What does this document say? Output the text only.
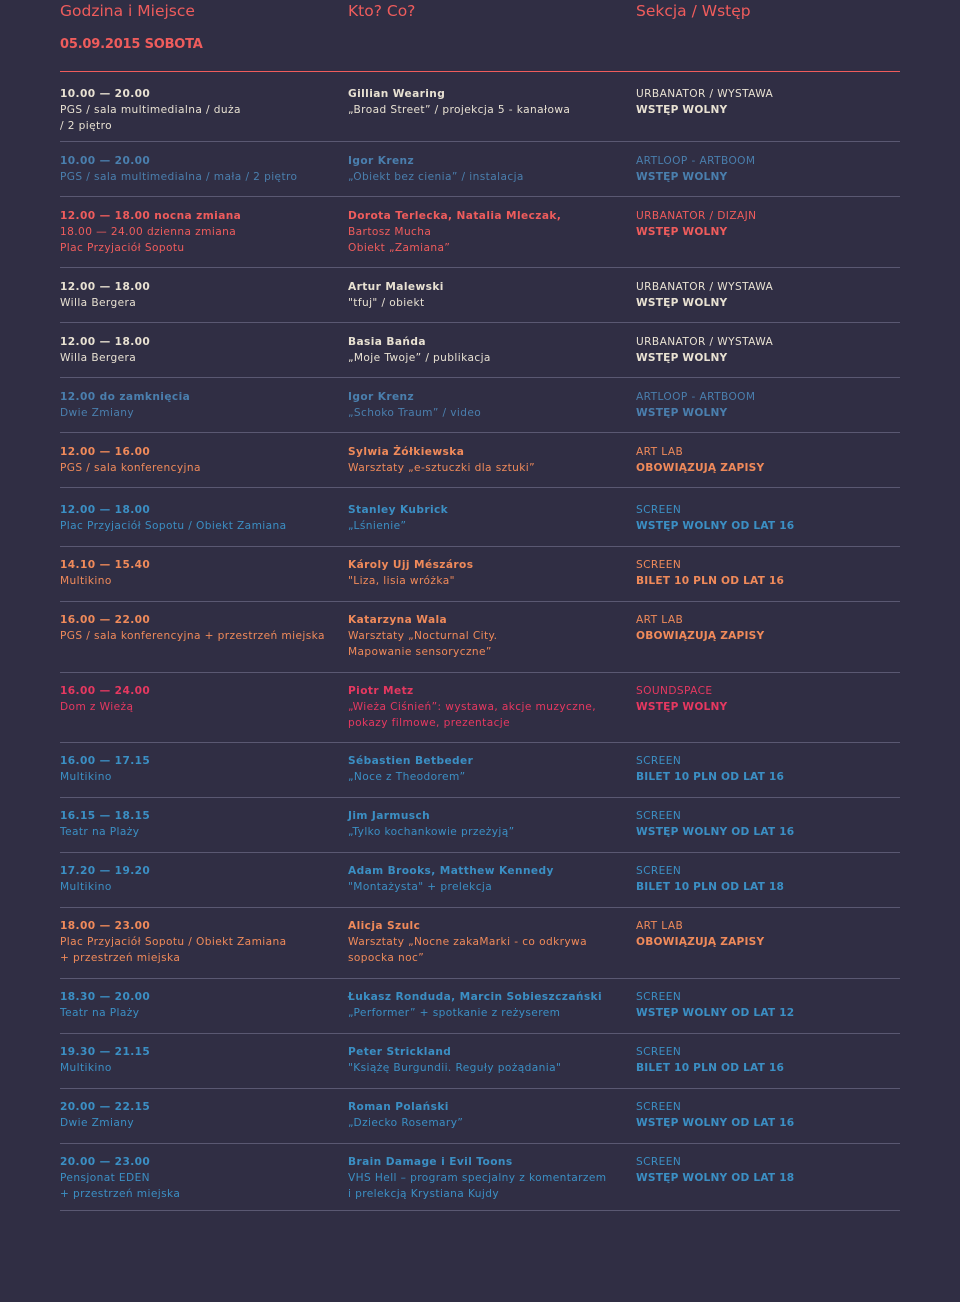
Godzina i Miejsce	Kto? Co?	Sekcja / Wstęp
05.09.2015 SOBOTA
10.00 — 20.00
PGS / sala multimedialna / duża
/ 2 piętro
Gillian Wearing
„Broad Street” / projekcja 5 - kanałowa
URBANATOR / WYSTAWA
WSTĘP WOLNY
10.00 — 20.00
PGS / sala multimedialna / mała / 2 piętro
Igor Krenz
„Obiekt bez cienia” / instalacja
ARTLOOP - ARTBOOM
WSTĘP WOLNY
12.00 — 18.00 nocna zmiana
18.00 — 24.00 dzienna zmiana
Plac Przyjaciół Sopotu
Dorota Terlecka, Natalia Mleczak,
Bartosz Mucha
Obiekt „Zamiana”
URBANATOR / DIZAJN
WSTĘP WOLNY
12.00 — 18.00
Willa Bergera
Artur Malewski
"tfuj" / obiekt
URBANATOR / WYSTAWA
WSTĘP WOLNY
12.00 — 18.00
Willa Bergera
Basia Bańda
„Moje Twoje” / publikacja
URBANATOR / WYSTAWA
WSTĘP WOLNY
12.00 do zamknięcia
Dwie Zmiany
Igor Krenz
„Schoko Traum” / video
ARTLOOP - ARTBOOM
WSTĘP WOLNY
12.00 — 16.00
PGS / sala konferencyjna
Sylwia Żółkiewska
Warsztaty „e-sztuczki dla sztuki”
ART LAB
OBOWIĄZUJĄ ZAPISY
12.00 — 18.00
Plac Przyjaciół Sopotu / Obiekt Zamiana
Stanley Kubrick
„Lśnienie”
SCREEN
WSTĘP WOLNY OD LAT 16
14.10 — 15.40
Multikino
Károly Ujj Mészáros
"Liza, lisia wróżka"
SCREEN
BILET 10 PLN OD LAT 16
16.00 — 22.00
PGS / sala konferencyjna + przestrzeń miejska
Katarzyna Wala
Warsztaty „Nocturnal City.
Mapowanie sensoryczne”
ART LAB
OBOWIĄZUJĄ ZAPISY
16.00 — 24.00
Dom z Wieżą
Piotr Metz
„Wieża Ciśnień”: wystawa, akcje muzyczne,
pokazy filmowe, prezentacje
SOUNDSPACE
WSTĘP WOLNY
16.00 — 17.15
Multikino
Sébastien Betbeder
„Noce z Theodorem”
SCREEN
BILET 10 PLN OD LAT 16
16.15 — 18.15
Teatr na Plaży
Jim Jarmusch
„Tylko kochankowie przeżyją”
SCREEN
WSTĘP WOLNY OD LAT 16
17.20 — 19.20
Multikino
Adam Brooks, Matthew Kennedy
"Montażysta" + prelekcja
SCREEN
BILET 10 PLN OD LAT 18
18.00 — 23.00
Plac Przyjaciół Sopotu / Obiekt Zamiana
+ przestrzeń miejska
Alicja Szulc
Warsztaty „Nocne zakaMarki - co odkrywa
sopocka noc”
ART LAB
OBOWIĄZUJĄ ZAPISY
18.30 — 20.00
Teatr na Plaży
Łukasz Ronduda, Marcin Sobieszczański
„Performer” + spotkanie z reżyserem
SCREEN
WSTĘP WOLNY OD LAT 12
19.30 — 21.15
Multikino
Peter Strickland
"Książę Burgundii. Reguły pożądania"
SCREEN
BILET 10 PLN OD LAT 16
20.00 — 22.15
Dwie Zmiany
Roman Polański
„Dziecko Rosemary”
SCREEN
WSTĘP WOLNY OD LAT 16
20.00 — 23.00
Pensjonat EDEN
+ przestrzeń miejska
Brain Damage i Evil Toons
VHS Hell – program specjalny z komentarzem
i prelekcją Krystiana Kujdy
SCREEN
WSTĘP WOLNY OD LAT 18
